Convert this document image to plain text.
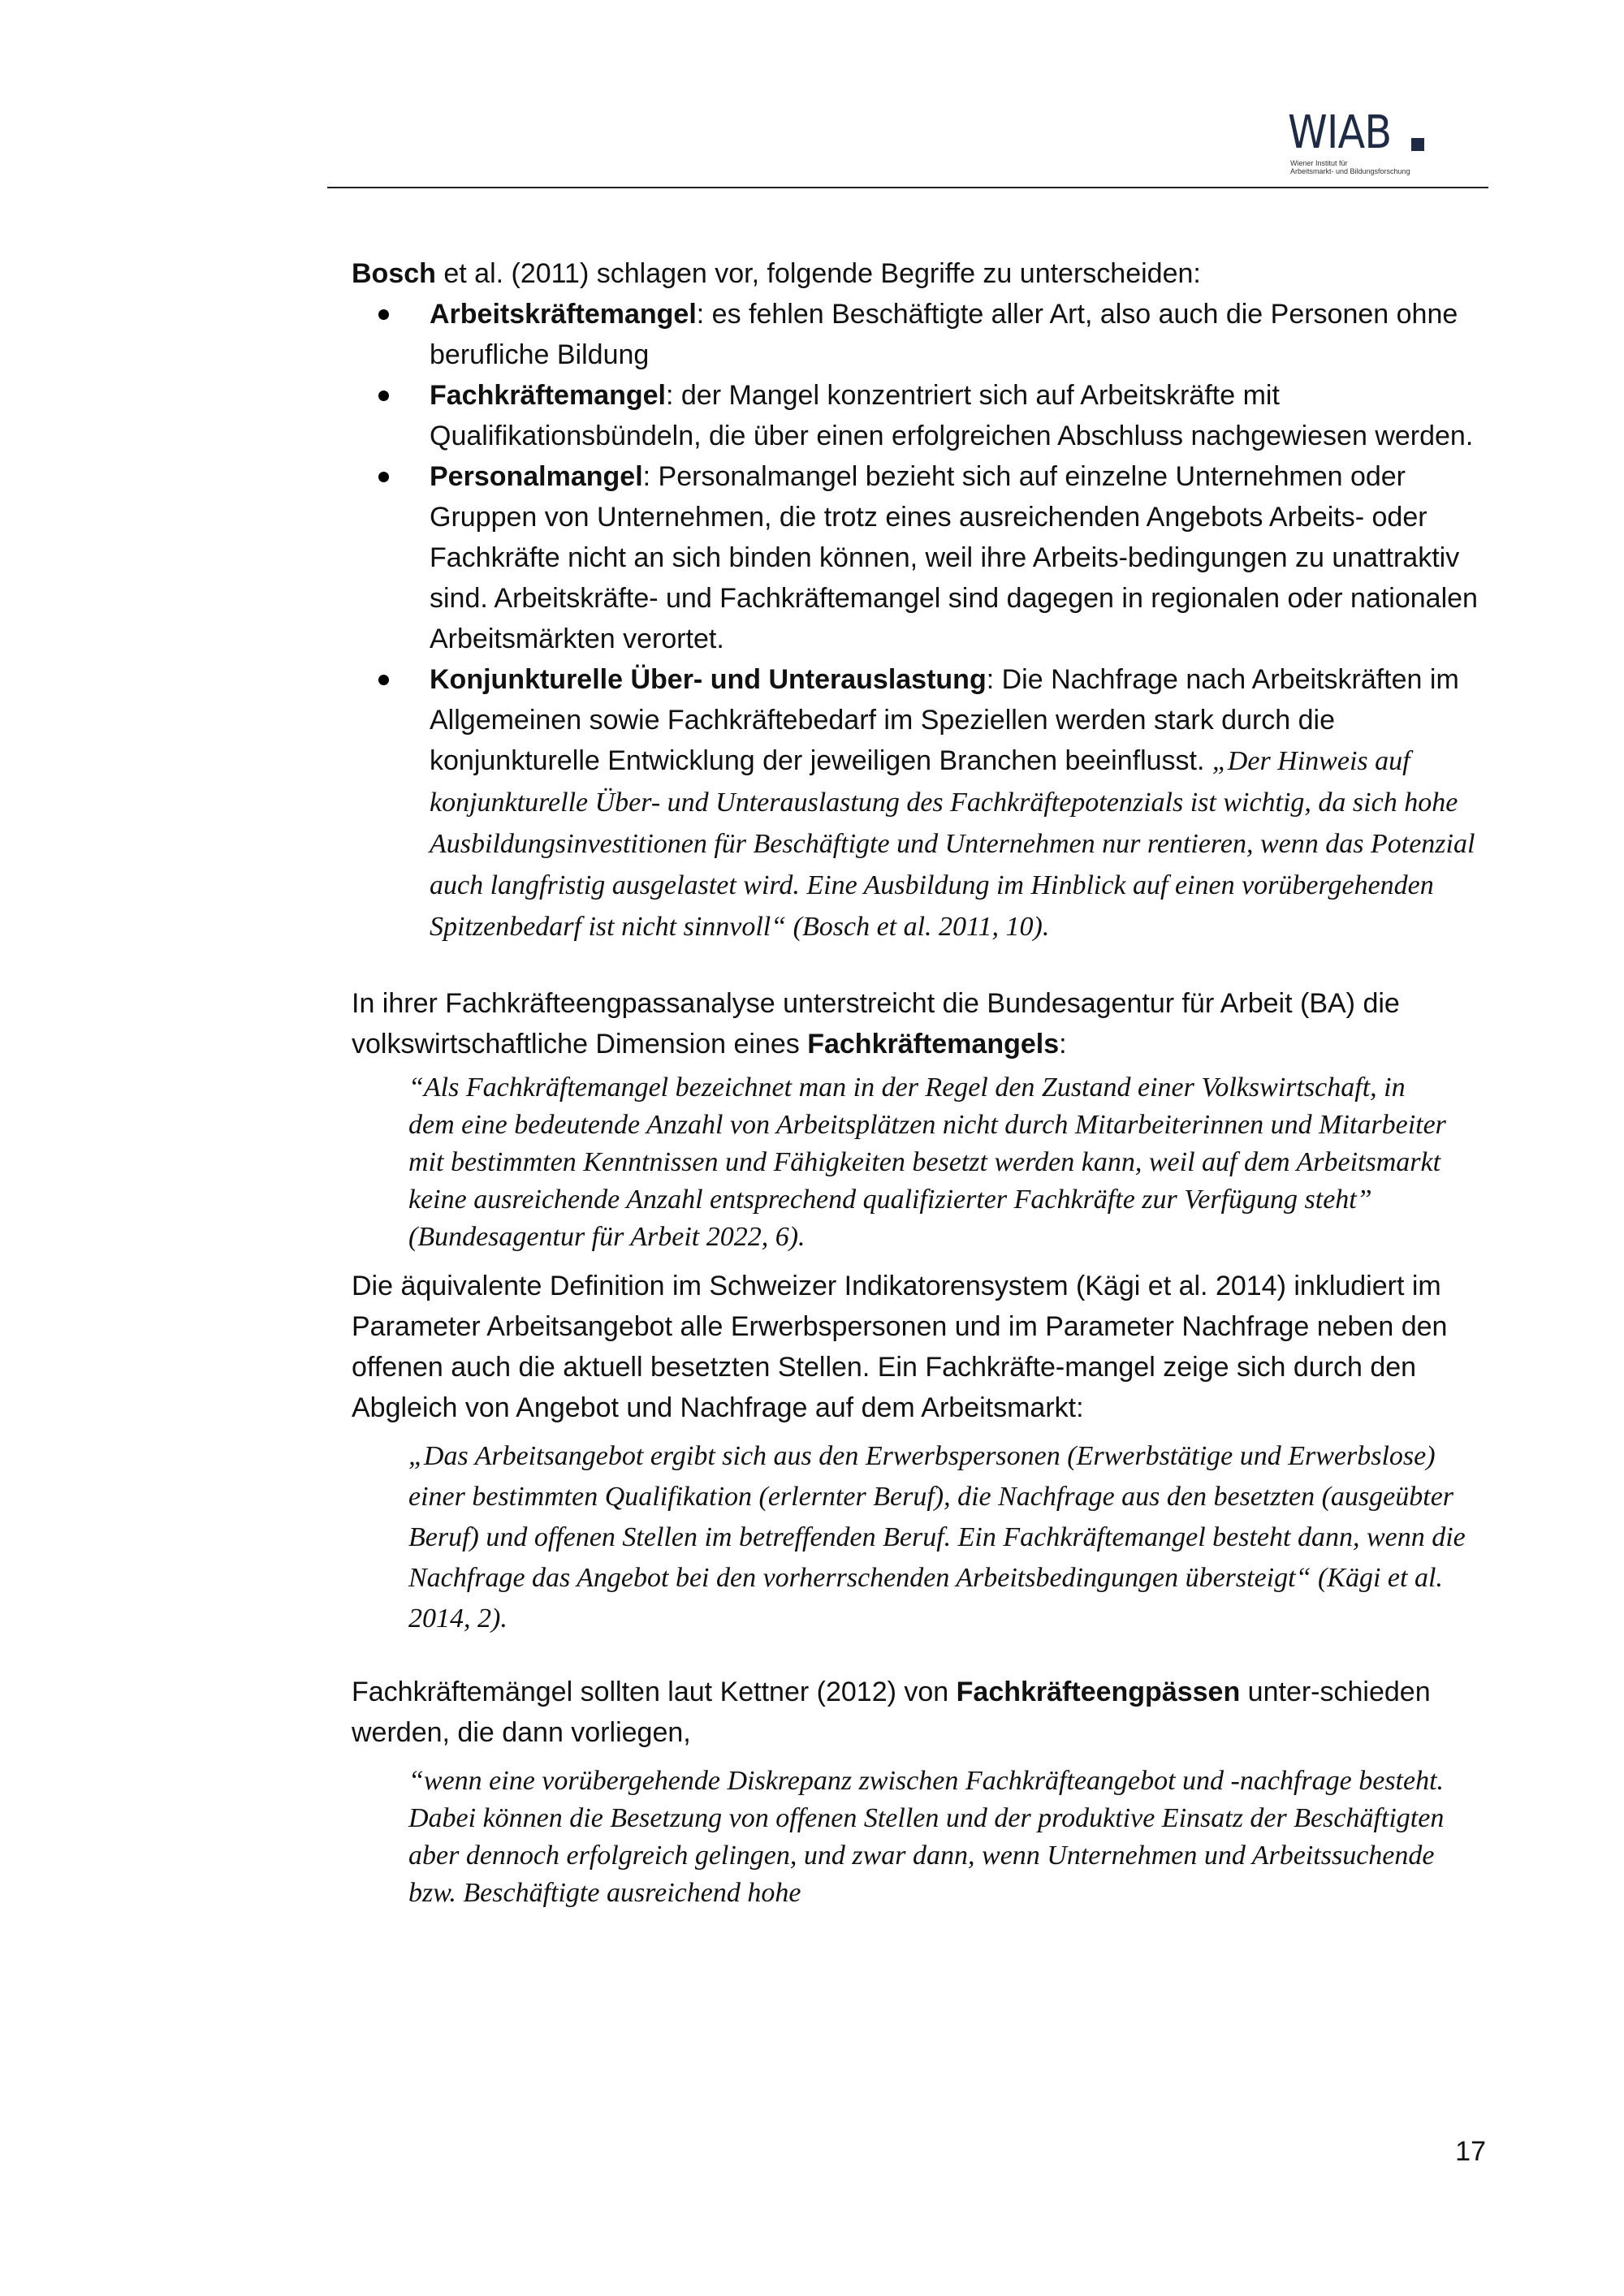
WIAB
Wiener Institut für
Arbeitsmarkt- und Bildungsforschung

Bosch et al. (2011) schlagen vor, folgende Begriffe zu unterscheiden:

Arbeitskräftemangel: es fehlen Beschäftigte aller Art, also auch die Personen ohne berufliche Bildung
Fachkräftemangel: der Mangel konzentriert sich auf Arbeitskräfte mit Qualifikationsbündeln, die über einen erfolgreichen Abschluss nachgewiesen werden.
Personalmangel: Personalmangel bezieht sich auf einzelne Unternehmen oder Gruppen von Unternehmen, die trotz eines ausreichenden Angebots Arbeits- oder Fachkräfte nicht an sich binden können, weil ihre Arbeits-bedingungen zu unattraktiv sind. Arbeitskräfte- und Fachkräftemangel sind dagegen in regionalen oder nationalen Arbeitsmärkten verortet.
Konjunkturelle Über- und Unterauslastung: Die Nachfrage nach Arbeitskräften im Allgemeinen sowie Fachkräftebedarf im Speziellen werden stark durch die konjunkturelle Entwicklung der jeweiligen Branchen beeinflusst. „Der Hinweis auf konjunkturelle Über- und Unterauslastung des Fachkräftepotenzials ist wichtig, da sich hohe Ausbildungsinvestitionen für Beschäftigte und Unternehmen nur rentieren, wenn das Potenzial auch langfristig ausgelastet wird. Eine Ausbildung im Hinblick auf einen vorübergehenden Spitzenbedarf ist nicht sinnvoll“ (Bosch et al. 2011, 10).

In ihrer Fachkräfteengpassanalyse unterstreicht die Bundesagentur für Arbeit (BA) die volkswirtschaftliche Dimension eines Fachkräftemangels:

“Als Fachkräftemangel bezeichnet man in der Regel den Zustand einer Volkswirtschaft, in dem eine bedeutende Anzahl von Arbeitsplätzen nicht durch Mitarbeiterinnen und Mitarbeiter mit bestimmten Kenntnissen und Fähigkeiten besetzt werden kann, weil auf dem Arbeitsmarkt keine ausreichende Anzahl entsprechend qualifizierter Fachkräfte zur Verfügung steht” (Bundesagentur für Arbeit 2022, 6).

Die äquivalente Definition im Schweizer Indikatorensystem (Kägi et al. 2014) inkludiert im Parameter Arbeitsangebot alle Erwerbspersonen und im Parameter Nachfrage neben den offenen auch die aktuell besetzten Stellen. Ein Fachkräfte-mangel zeige sich durch den Abgleich von Angebot und Nachfrage auf dem Arbeitsmarkt:

„Das Arbeitsangebot ergibt sich aus den Erwerbspersonen (Erwerbstätige und Erwerbslose) einer bestimmten Qualifikation (erlernter Beruf), die Nachfrage aus den besetzten (ausgeübter Beruf) und offenen Stellen im betreffenden Beruf. Ein Fachkräftemangel besteht dann, wenn die Nachfrage das Angebot bei den vorherrschenden Arbeitsbedingungen übersteigt“ (Kägi et al. 2014, 2).

Fachkräftemängel sollten laut Kettner (2012) von Fachkräfteengpässen unter-schieden werden, die dann vorliegen,

“wenn eine vorübergehende Diskrepanz zwischen Fachkräfteangebot und -nachfrage besteht. Dabei können die Besetzung von offenen Stellen und der produktive Einsatz der Beschäftigten aber dennoch erfolgreich gelingen, und zwar dann, wenn Unternehmen und Arbeitssuchende bzw. Beschäftigte ausreichend hohe

17
